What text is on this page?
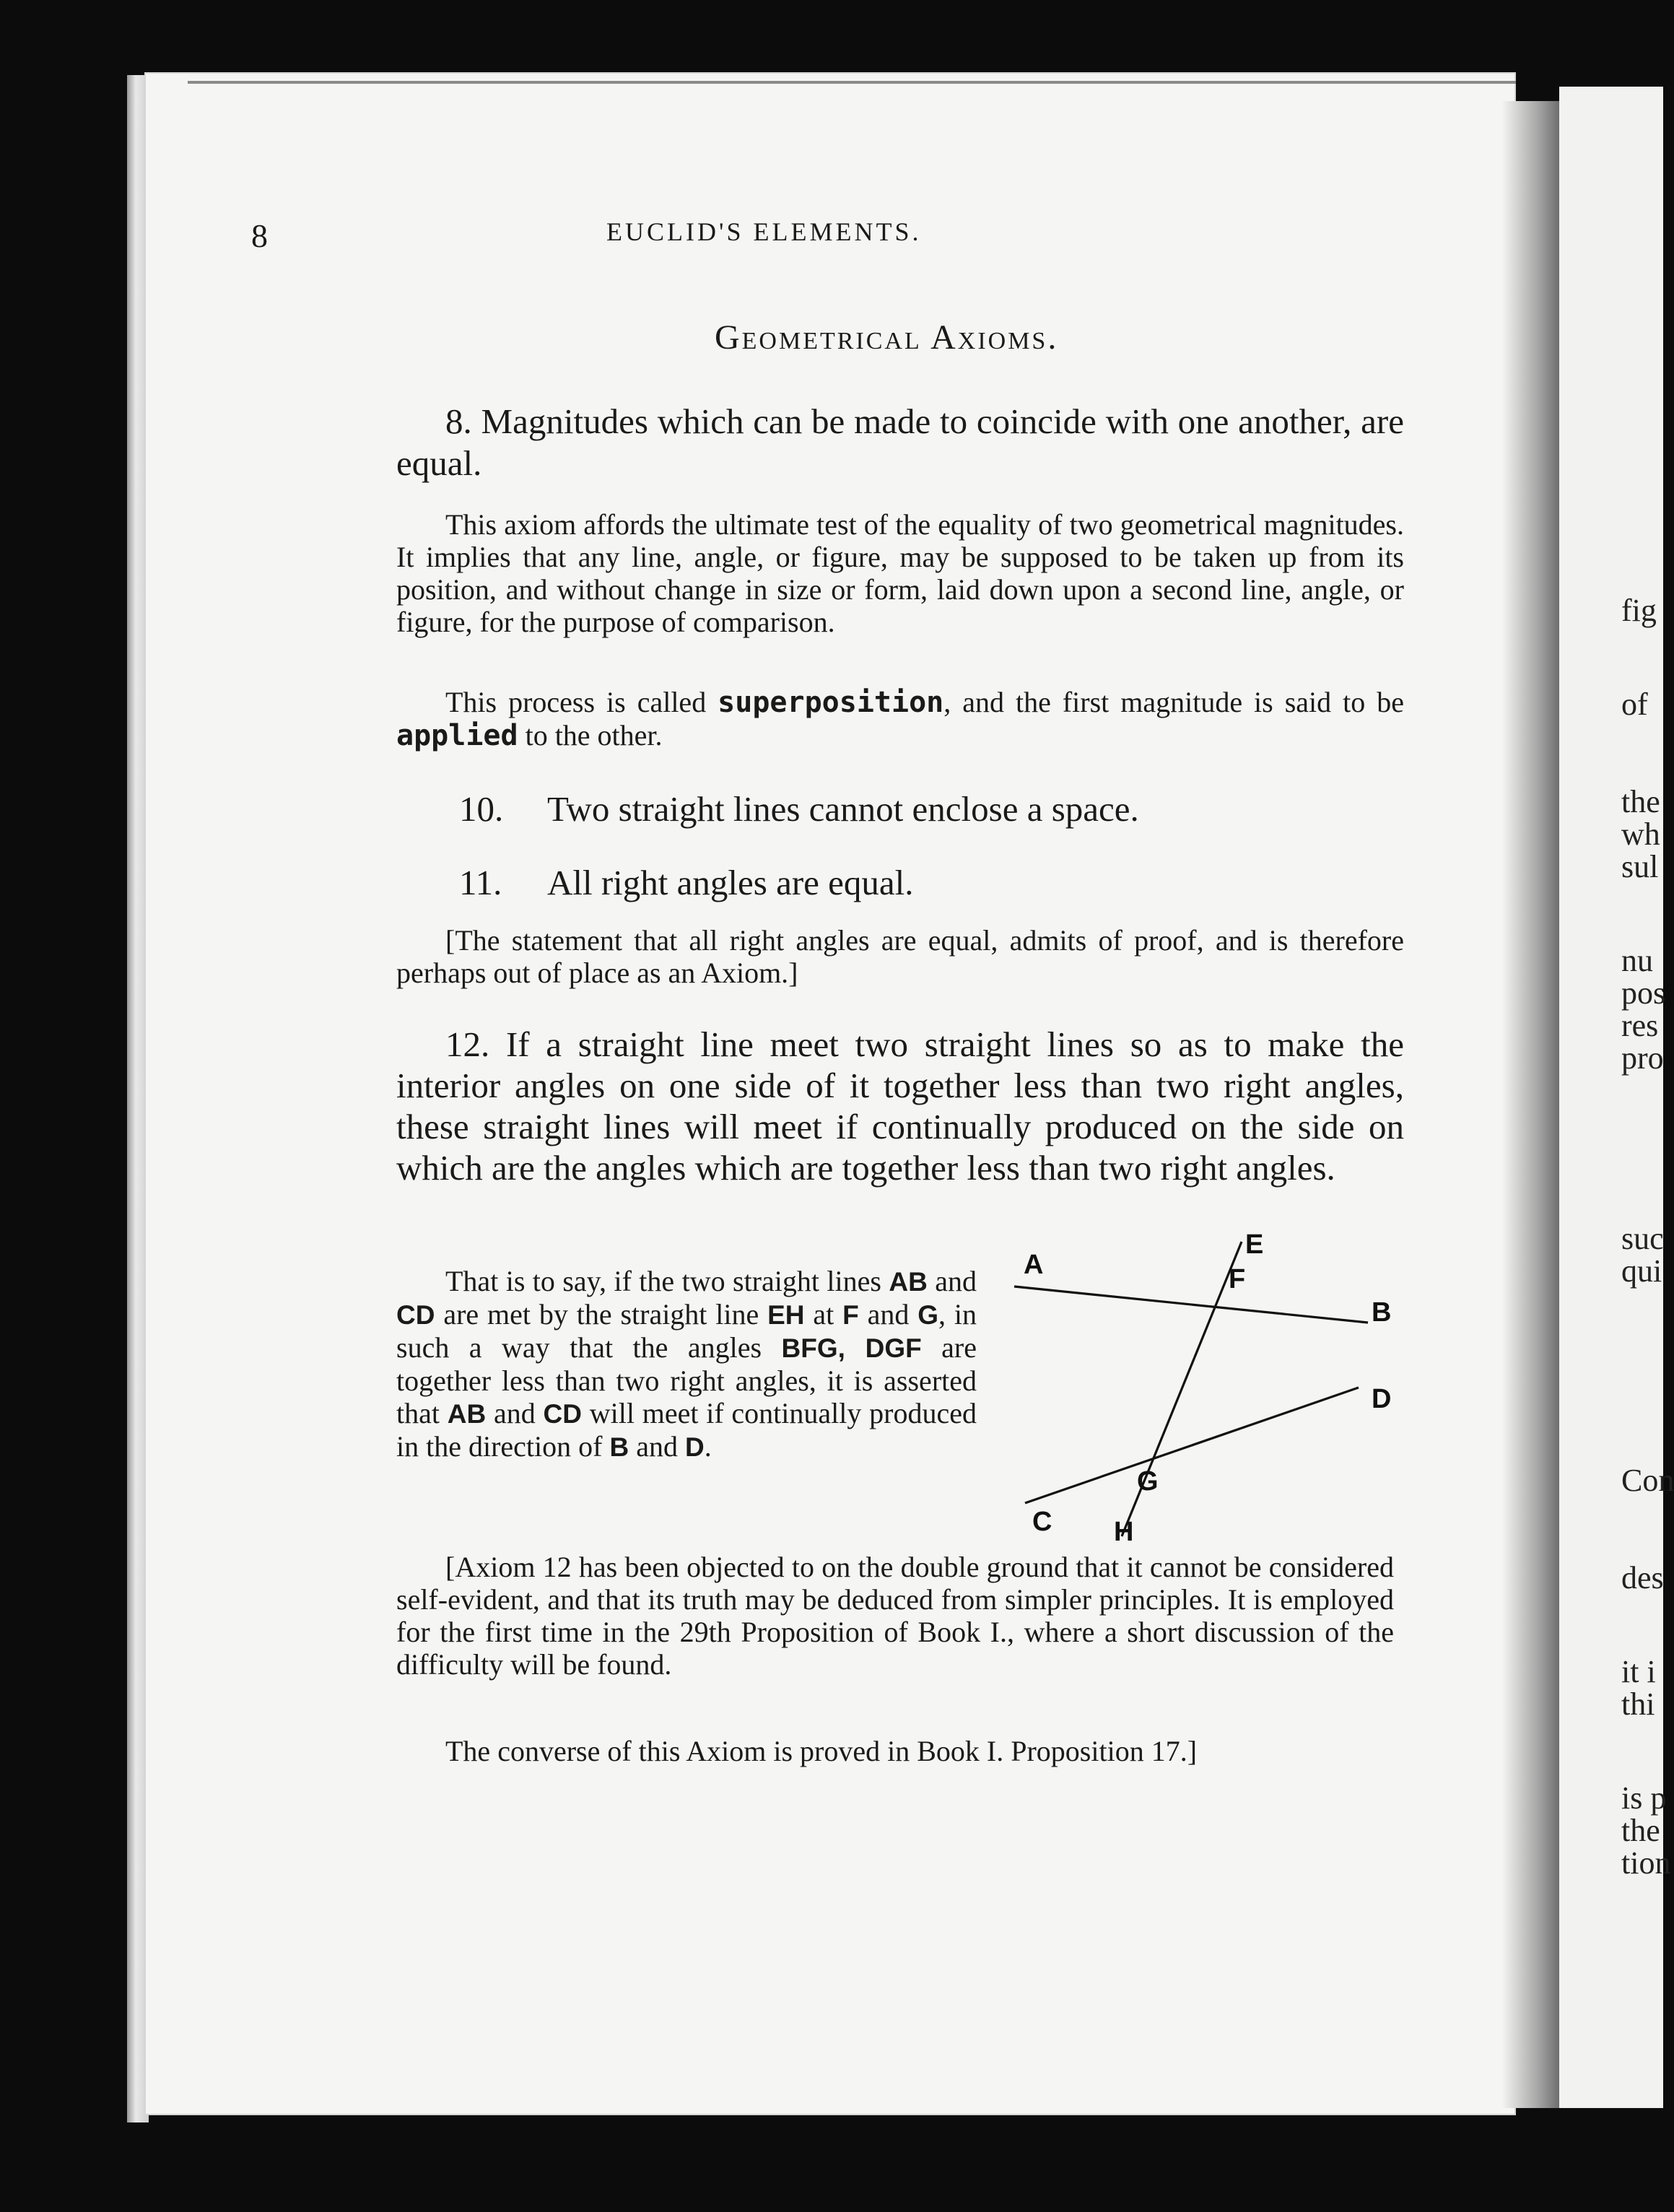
fig
of
the
wh
sul
nu
pos
res
pro
suc
qui
Con
des
it i
thi
is p
the
tion
8	EUCLID'S ELEMENTS.
Geometrical Axioms.

8. Magnitudes which can be made to coincide with one another, are equal.

This axiom affords the ultimate test of the equality of two geometrical magnitudes. It implies that any line, angle, or figure, may be supposed to be taken up from its position, and without change in size or form, laid down upon a second line, angle, or figure, for the purpose of comparison.

This process is called superposition, and the first magnitude is said to be applied to the other.

10. Two straight lines cannot enclose a space.
11. All right angles are equal.

[The statement that all right angles are equal, admits of proof, and is therefore perhaps out of place as an Axiom.]

12. If a straight line meet two straight lines so as to make the interior angles on one side of it together less than two right angles, these straight lines will meet if continually produced on the side on which are the angles which are together less than two right angles.

That is to say, if the two straight lines AB and CD are met by the straight line EH at F and G, in such a way that the angles BFG, DGF are together less than two right angles, it is asserted that AB and CD will meet if continually produced in the direction of B and D.

A
B
C
D
E
F
G
H

[Axiom 12 has been objected to on the double ground that it cannot be considered self-evident, and that its truth may be deduced from simpler principles. It is employed for the first time in the 29th Proposition of Book I., where a short discussion of the difficulty will be found.

The converse of this Axiom is proved in Book I. Proposition 17.]
